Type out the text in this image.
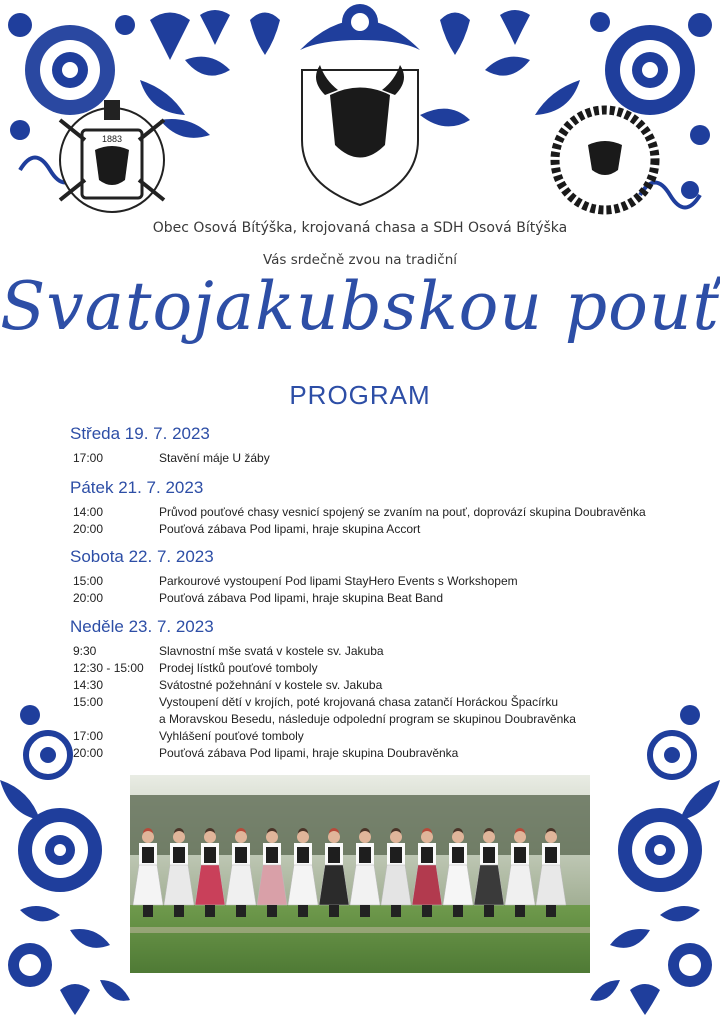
1883
Obec Osová Bítýška, krojovaná chasa a SDH Osová Bítýška
Vás srdečně zvou na tradiční
Svatojakubskou pouť
PROGRAM
Středa 19. 7. 2023
17:00	Stavění máje U žáby
Pátek 21. 7. 2023
14:00	Průvod pouťové chasy vesnicí spojený se zvaním na pouť, doprovází skupina Doubravěnka
20:00	Pouťová zábava Pod lipami, hraje skupina Accort
Sobota 22. 7. 2023
15:00	Parkourové vystoupení Pod lipami StayHero Events s Workshopem
20:00	Pouťová zábava Pod lipami, hraje skupina Beat Band
Neděle 23. 7. 2023
9:30	Slavnostní mše svatá v kostele sv. Jakuba
12:30 - 15:00	Prodej lístků pouťové tomboly
14:30	Svátostné požehnání v kostele sv. Jakuba
15:00	Vystoupení dětí v krojích, poté krojovaná chasa zatančí Horáckou Špacírku
a Moravskou Besedu, následuje odpolední program se skupinou Doubravěnka
17:00	Vyhlášení pouťové tomboly
20:00	Pouťová zábava Pod lipami, hraje skupina Doubravěnka
